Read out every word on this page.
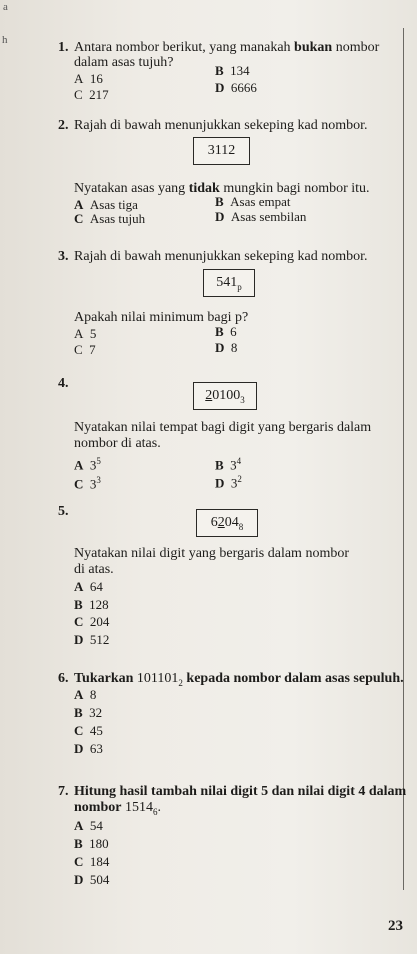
a
h	1. Antara nombor berikut, yang manakah bukan nombor
dalam asas tujuh?
A 16
B 134
C 217	D 6666
2. Rajah di bawah menunjukkan sekeping kad nombor.
3112
Nyatakan asas yang tidak mungkin bagi nombor itu.
A Asas tiga	B Asas empat
C Asas tujuh	D Asas sembilan
3. Rajah di bawah menunjukkan sekeping kad nombor.
$541_p$
Apakah nilai minimum bagi p?
A 5	B 6
C 7	D 8
4.
$20100_3$
Nyatakan nilai tempat bagi digit yang bergaris dalam
nombor di atas.
A $3^5$	B $3^4$
C $3^3$	D $3^2$
5.
$6204_8$
Nyatakan nilai digit yang bergaris dalam nombor
di atas.
A 64
B 128
C 204
D 512
6. Tukarkan $101101_2$ kepada nombor dalam asas sepuluh.
A 8
B 32
C 45
D 63
7. Hitung hasil tambah nilai digit 5 dan nilai digit 4 dalam
nombor $1514_6$.
A 54
B 180
C 184
D 504
23
